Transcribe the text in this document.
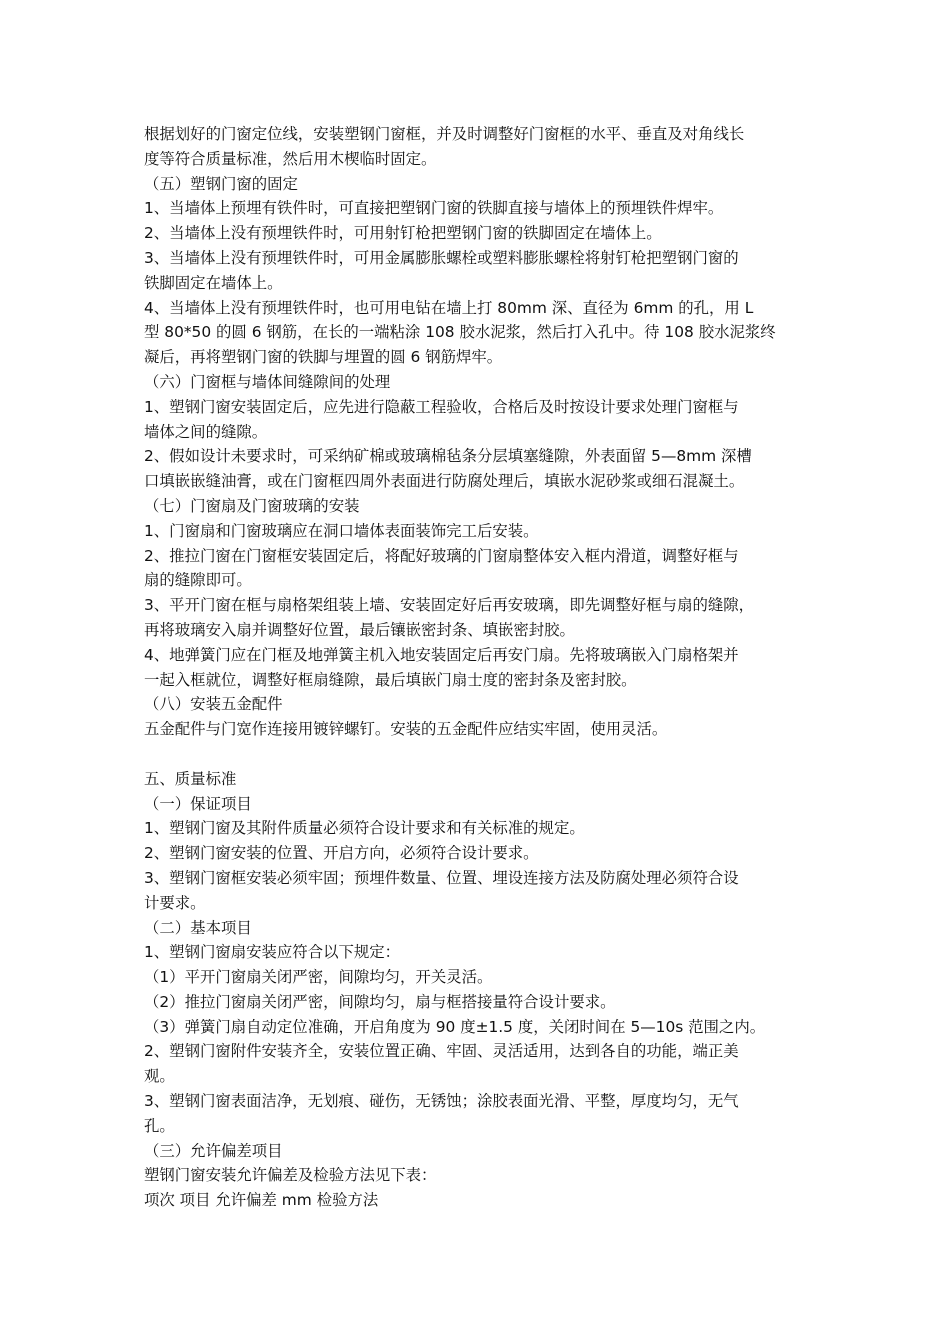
根据划好的门窗定位线，安装塑钢门窗框，并及时调整好门窗框的水平、垂直及对角线长
度等符合质量标准，然后用木楔临时固定。
（五）塑钢门窗的固定
1、当墙体上预埋有铁件时，可直接把塑钢门窗的铁脚直接与墙体上的预埋铁件焊牢。
2、当墙体上没有预埋铁件时，可用射钉枪把塑钢门窗的铁脚固定在墙体上。
3、当墙体上没有预埋铁件时，可用金属膨胀螺栓或塑料膨胀螺栓将射钉枪把塑钢门窗的
铁脚固定在墙体上。
4、当墙体上没有预埋铁件时，也可用电钻在墙上打 80mm 深、直径为 6mm 的孔，用 L
型 80*50 的圆 6 钢筋，在长的一端粘涂 108 胶水泥浆，然后打入孔中。待 108 胶水泥浆终
凝后，再将塑钢门窗的铁脚与埋置的圆 6 钢筋焊牢。
（六）门窗框与墙体间缝隙间的处理
1、塑钢门窗安装固定后，应先进行隐蔽工程验收，合格后及时按设计要求处理门窗框与
墙体之间的缝隙。
2、假如设计未要求时，可采纳矿棉或玻璃棉毡条分层填塞缝隙，外表面留 5—8mm 深槽
口填嵌嵌缝油膏，或在门窗框四周外表面进行防腐处理后，填嵌水泥砂浆或细石混凝土。
（七）门窗扇及门窗玻璃的安装
1、门窗扇和门窗玻璃应在洞口墙体表面装饰完工后安装。
2、推拉门窗在门窗框安装固定后，将配好玻璃的门窗扇整体安入框内滑道，调整好框与
扇的缝隙即可。
3、平开门窗在框与扇格架组装上墙、安装固定好后再安玻璃，即先调整好框与扇的缝隙，
再将玻璃安入扇并调整好位置，最后镶嵌密封条、填嵌密封胶。
4、地弹簧门应在门框及地弹簧主机入地安装固定后再安门扇。先将玻璃嵌入门扇格架并
一起入框就位，调整好框扇缝隙，最后填嵌门扇士度的密封条及密封胶。
（八）安装五金配件
五金配件与门宽作连接用镀锌螺钉。安装的五金配件应结实牢固，使用灵活。
五、质量标准
（一）保证项目
1、塑钢门窗及其附件质量必须符合设计要求和有关标准的规定。
2、塑钢门窗安装的位置、开启方向，必须符合设计要求。
3、塑钢门窗框安装必须牢固；预埋件数量、位置、埋设连接方法及防腐处理必须符合设
计要求。
（二）基本项目
1、塑钢门窗扇安装应符合以下规定：
（1）平开门窗扇关闭严密，间隙均匀，开关灵活。
（2）推拉门窗扇关闭严密，间隙均匀，扇与框搭接量符合设计要求。
（3）弹簧门扇自动定位准确，开启角度为 90 度±1.5 度，关闭时间在 5—10s 范围之内。
2、塑钢门窗附件安装齐全，安装位置正确、牢固、灵活适用，达到各自的功能，端正美
观。
3、塑钢门窗表面洁净，无划痕、碰伤，无锈蚀；涂胶表面光滑、平整，厚度均匀，无气
孔。
（三）允许偏差项目
塑钢门窗安装允许偏差及检验方法见下表：
项次 项目 允许偏差 mm 检验方法
